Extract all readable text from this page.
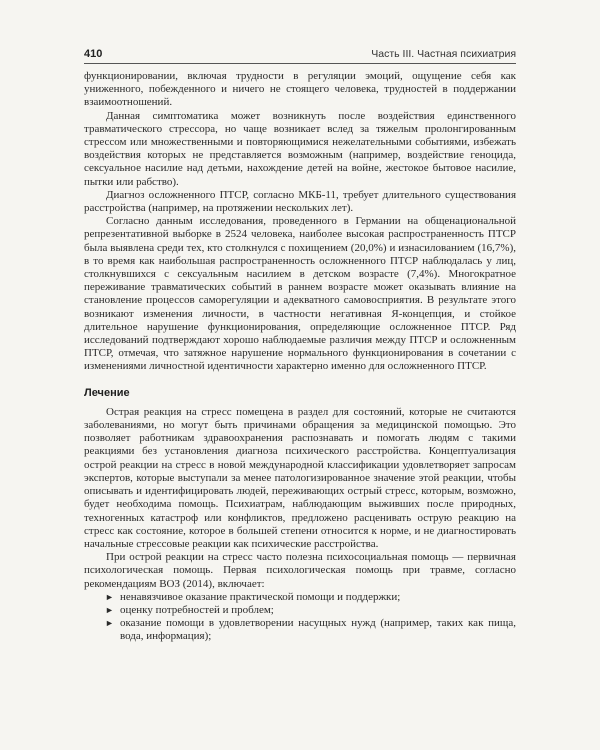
410	Часть III. Частная психиатрия

функционировании, включая трудности в регуляции эмоций, ощущение себя как униженного, побежденного и ничего не стоящего человека, трудностей в поддержании взаимоотношений.

Данная симптоматика может возникнуть после воздействия единственного травматического стрессора, но чаще возникает вслед за тяжелым пролонгированным стрессом или множественными и повторяющимися нежелательными событиями, избежать воздействия которых не представляется возможным (например, воздействие геноцида, сексуальное насилие над детьми, нахождение детей на войне, жестокое бытовое насилие, пытки или рабство).

Диагноз осложненного ПТСР, согласно МКБ-11, требует длительного существования расстройства (например, на протяжении нескольких лет).

Согласно данным исследования, проведенного в Германии на общенациональной репрезентативной выборке в 2524 человека, наиболее высокая распространенность ПТСР была выявлена среди тех, кто столкнулся с похищением (20,0%) и изнасилованием (16,7%), в то время как наибольшая распространенность осложненного ПТСР наблюдалась у лиц, столкнувшихся с сексуальным насилием в детском возрасте (7,4%). Многократное переживание травматических событий в раннем возрасте может оказывать влияние на становление процессов саморегуляции и адекватного самовосприятия. В результате этого возникают изменения личности, в частности негативная Я-концепция, и стойкое длительное нарушение функционирования, определяющие осложненное ПТСР. Ряд исследований подтверждают хорошо наблюдаемые различия между ПТСР и осложненным ПТСР, отмечая, что затяжное нарушение нормального функционирования в сочетании с изменениями личностной идентичности характерно именно для осложненного ПТСР.

Лечение

Острая реакция на стресс помещена в раздел для состояний, которые не считаются заболеваниями, но могут быть причинами обращения за медицинской помощью. Это позволяет работникам здравоохранения распознавать и помогать людям с такими реакциями без установления диагноза психического расстройства. Концептуализация острой реакции на стресс в новой международной классификации удовлетворяет запросам экспертов, которые выступали за менее патологизированное значение этой реакции, чтобы описывать и идентифицировать людей, переживающих острый стресс, которым, возможно, будет необходима помощь. Психиатрам, наблюдающим выживших после природных, техногенных катастроф или конфликтов, предложено расценивать острую реакцию на стресс как состояние, которое в большей степени относится к норме, и не диагностировать начальные стрессовые реакции как психические расстройства.

При острой реакции на стресс часто полезна психосоциальная помощь — первичная психологическая помощь. Первая психологическая помощь при травме, согласно рекомендациям ВОЗ (2014), включает:

► ненавязчивое оказание практической помощи и поддержки;
► оценку потребностей и проблем;
► оказание помощи в удовлетворении насущных нужд (например, таких как пища, вода, информация);
